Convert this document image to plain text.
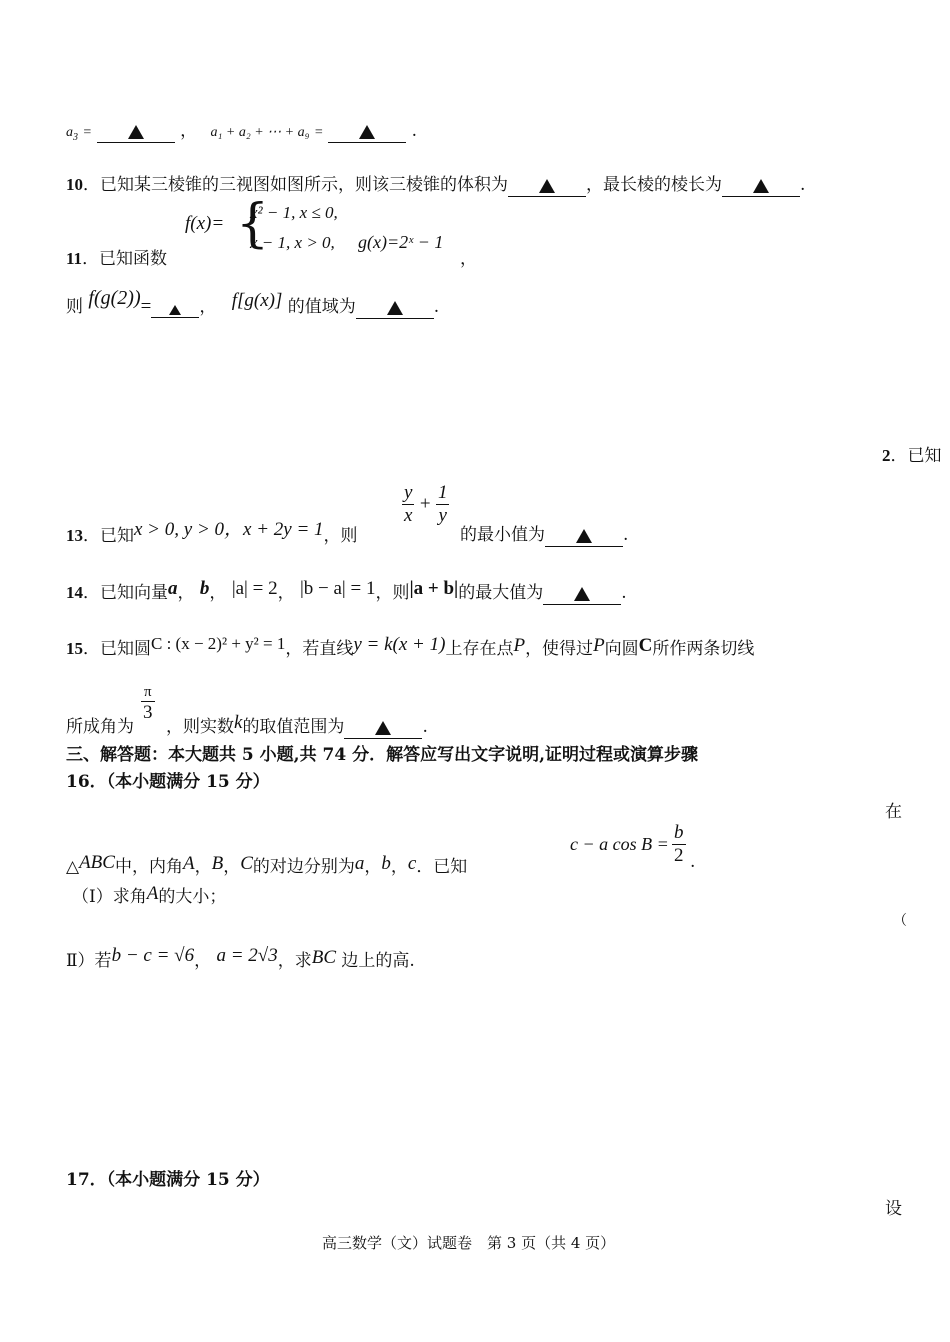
$a_3$ =	， a₁ + a₂ + ⋯ + a₉ =	.
10．已知某三棱锥的三视图如图所示，则该三棱锥的体积为	，最长棱的棱长为	.
f(x)= {
x² − 1, x ≤ 0,
x − 1, x > 0, g(x)=2ˣ − 1
11．已知函数	，
则 f(g(2))=	， f[g(x)] 的值域为	.
2．已知
13．已知x > 0, y > 0，x + 2y = 1，则
$\frac{y}{x} + \frac{1}{y}$
的最小值为	.
14．已知向量a， b， |a| = 2， |b − a| = 1，则|a + b|的最大值为	.
15．已知圆C : (x − 2)² + y² = 1，若直线y = k(x + 1)上存在点P，使得过P向圆C所作两条切线
所成角为
$\frac{\pi}{3}$
，则实数k的取值范围为	.
三、解答题：本大题共 5 小题,共 74 分．解答应写出文字说明,证明过程或演算步骤
16．（本小题满分 15 分）
在
△ABC中，内角A，B，C的对边分别为a，b，c．已知
c − a $\cos B = \frac{b}{2}$ .
（Ⅰ）求角A的大小；
（
Ⅱ）若b − c = √6， a = 2√3，求BC 边上的高.
17．（本小题满分 15 分）
设
高三数学（文）试题卷　第 3 页（共 4 页）
